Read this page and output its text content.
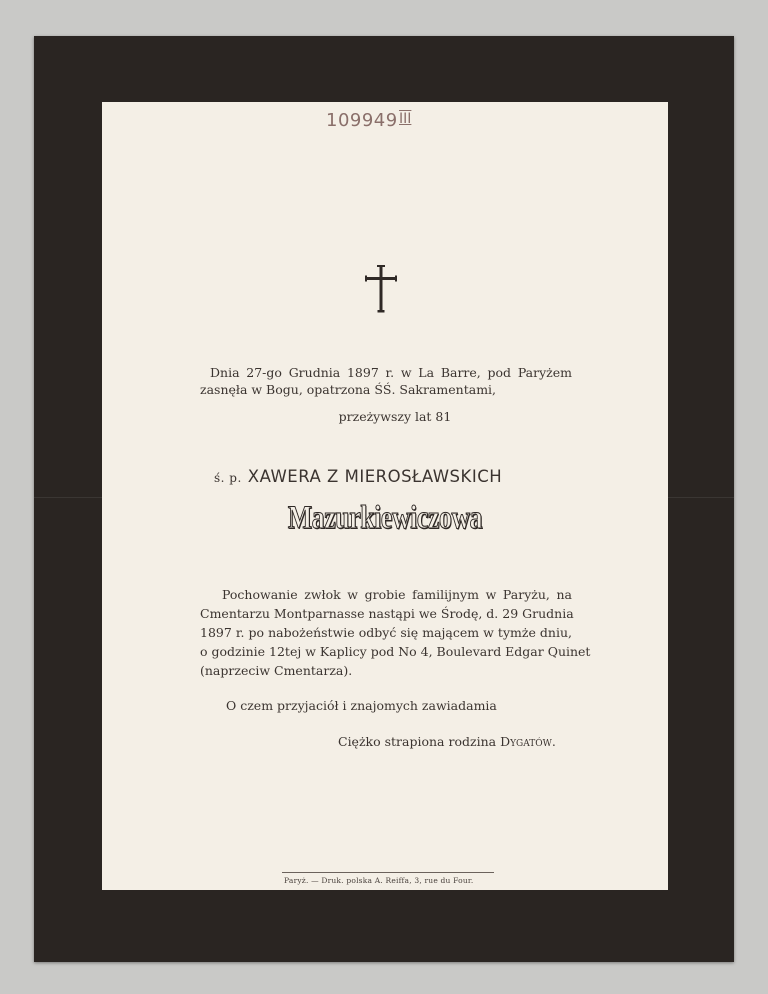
109949 III
Dnia 27-go Grudnia 1897 r. w La Barre, pod Paryżem
zasnęła w Bogu, opatrzona ŚŚ. Sakramentami,
przeżywszy lat 81
ś. p. XAWERA Z MIEROSŁAWSKICH
Mazurkiewiczowa
Pochowanie zwłok w grobie familijnym w Paryżu, na
Cmentarzu Montparnasse nastąpi we Środę, d. 29 Grudnia
1897 r. po nabożeństwie odbyć się mającem w tymże dniu,
o godzinie 12tej w Kaplicy pod No 4, Boulevard Edgar Quinet
(naprzeciw Cmentarza).
O czem przyjaciół i znajomych zawiadamia
Ciężko strapiona rodzina Dygatów.
Paryż. — Druk. polska A. Reiffa, 3, rue du Four.
